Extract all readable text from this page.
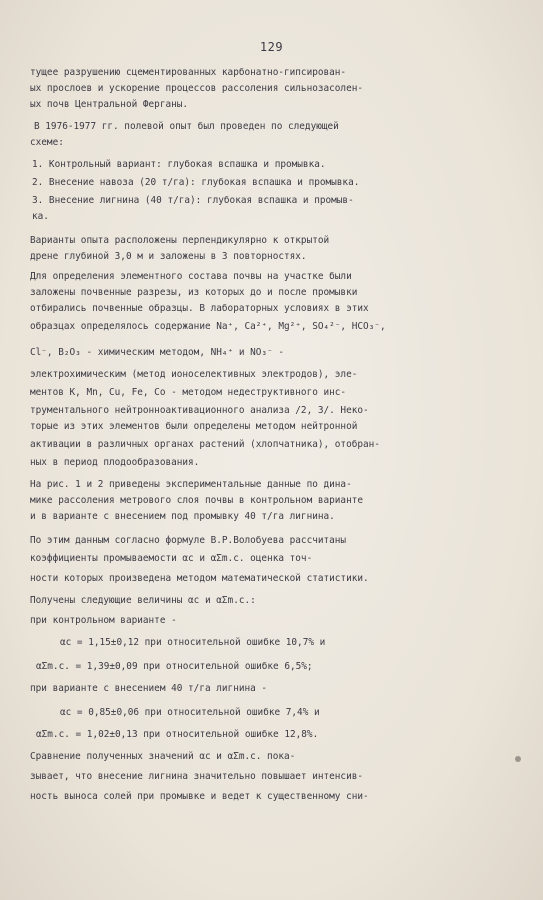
129
тущее разрушению сцементированных карбонатно-гипсирован-
ых прослоев и ускорение процессов рассоления сильнозасолен-
ых почв Центральной Ферганы.
В 1976-1977 гг. полевой опыт был проведен по следующей
схеме:
1. Контрольный вариант: глубокая вспашка и промывка.
2. Внесение навоза (20 т/га): глубокая вспашка и промывка.
3. Внесение лигнина (40 т/га): глубокая вспашка и промыв-
ка.
Варианты опыта расположены перпендикулярно к открытой
дрене глубиной 3,0 м и заложены в 3 повторностях.
Для определения элементного состава почвы на участке были
заложены почвенные разрезы, из которых до и после промывки
отбирались почвенные образцы. В лабораторных условиях в этих
образцах определялось содержание Na⁺, Ca²⁺, Mg²⁺, SO₄²⁻, HCO₃⁻,
Cl⁻, B₂O₃ - химическим методом, NH₄⁺ и NO₃⁻ -
электрохимическим (метод ионоселективных электродов), эле-
ментов K, Mn, Cu, Fe, Co - методом недеструктивного инс-
трументального нейтронноактивационного анализа /2, 3/. Неко-
торые из этих элементов были определены методом нейтронной
активации в различных органах растений (хлопчатника), отобран-
ных в период плодообразования.
На рис. 1 и 2 приведены экспериментальные данные по дина-
мике рассоления метрового слоя почвы в контрольном варианте
и в варианте с внесением под промывку 40 т/га лигнина.
По этим данным согласно формуле В.Р.Волобуева рассчитаны
коэффициенты промываемости αс и αΣm.c. оценка точ-
ности которых произведена методом математической статистики.
Получены следующие величины αс и αΣm.c.:
при контрольном варианте -
αс = 1,15±0,12 при относительной ошибке 10,7% и
αΣm.c. = 1,39±0,09 при относительной ошибке 6,5%;
при варианте с внесением 40 т/га лигнина -
αс = 0,85±0,06 при относительной ошибке 7,4% и
αΣm.c. = 1,02±0,13 при относительной ошибке 12,8%.
Сравнение полученных значений αс и αΣm.c. пока-
зывает, что внесение лигнина значительно повышает интенсив-
ность выноса солей при промывке и ведет к существенному сни-
